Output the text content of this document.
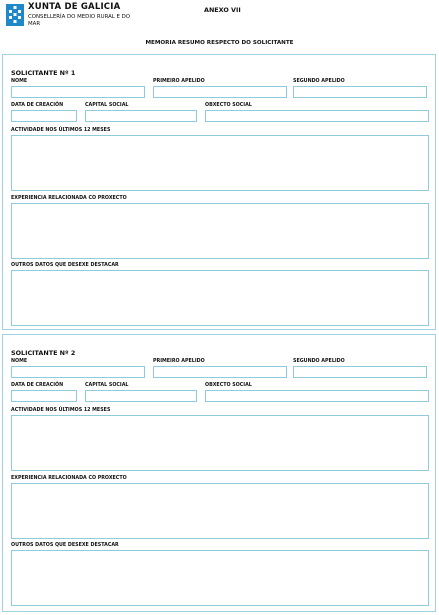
XUNTA DE GALICIA
CONSELLERÍA DO MEDIO RURAL E DO MAR
ANEXO VII
MEMORIA RESUMO RESPECTO DO SOLICITANTE
SOLICITANTE Nº 1
NOME	PRIMEIRO APELIDO	SEGUNDO APELIDO
DATA DE CREACIÓN	CAPITAL SOCIAL	OBXECTO SOCIAL
ACTIVIDADE NOS ÚLTIMOS 12 MESES
EXPERIENCIA RELACIONADA CO PROXECTO
OUTROS DATOS QUE DESEXE DESTACAR
SOLICITANTE Nº 2
NOME	PRIMEIRO APELIDO	SEGUNDO APELIDO
DATA DE CREACIÓN	CAPITAL SOCIAL	OBXECTO SOCIAL
ACTIVIDADE NOS ÚLTIMOS 12 MESES
EXPERIENCIA RELACIONADA CO PROXECTO
OUTROS DATOS QUE DESEXE DESTACAR
